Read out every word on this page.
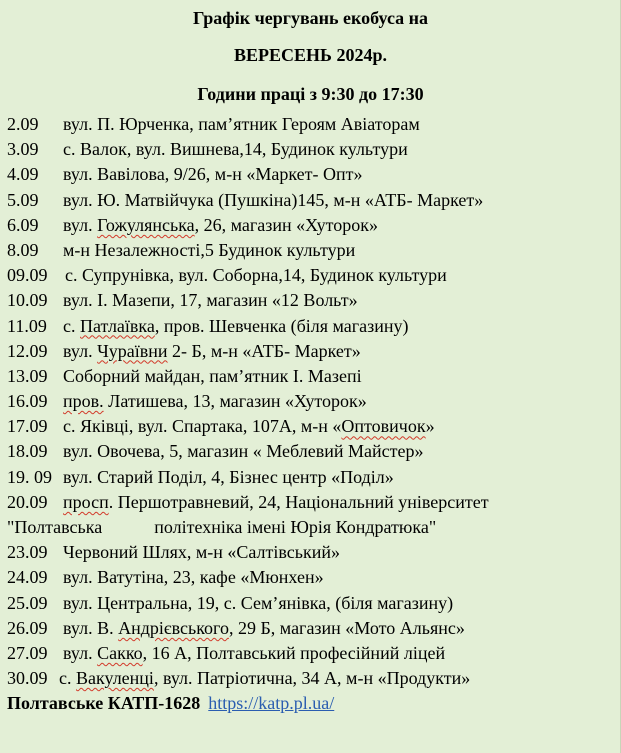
Графік чергувань екобуса на
ВЕРЕСЕНЬ 2024р.
Години праці з 9:30 до 17:30
2.09 вул. П. Юрченка, пам’ятник Героям Авіаторам
3.09 с. Валок, вул. Вишнева,14, Будинок культури
4.09 вул. Вавілова, 9/26, м-н «Маркет- Опт»
5.09 вул. Ю. Матвійчука (Пушкіна)145, м-н «АТБ- Маркет»
6.09 вул. Гожулянська, 26, магазин «Хуторок»
8.09 м-н Незалежності,5 Будинок культури
09.09 с. Супрунівка, вул. Соборна,14, Будинок культури
10.09 вул. І. Мазепи, 17, магазин «12 Вольт»
11.09 с. Патлаївка, пров. Шевченка (біля магазину)
12.09 вул. Чураївни 2- Б, м-н «АТБ- Маркет»
13.09 Соборний майдан, пам’ятник І. Мазепі
16.09 пров. Латишева, 13, магазин «Хуторок»
17.09 с. Яківці, вул. Спартака, 107А, м-н «Оптовичок»
18.09 вул. Овочева, 5, магазин « Меблевий Майстер»
19. 09 вул. Старий Поділ, 4, Бізнес центр «Поділ»
20.09 просп. Першотравневий, 24, Національний університет
"Полтавська	політехніка імені Юрія Кондратюка"
23.09 Червоний Шлях, м-н «Салтівський»
24.09 вул. Ватутіна, 23, кафе «Мюнхен»
25.09 вул. Центральна, 19, с. Сем’янівка, (біля магазину)
26.09 вул. В. Андрієвського, 29 Б, магазин «Мото Альянс»
27.09 вул. Сакко, 16 А, Полтавський професійний ліцей
30.09 с. Вакуленці, вул. Патріотична, 34 А, м-н «Продукти»
Полтавське КАТП-1628 https://katp.pl.ua/
